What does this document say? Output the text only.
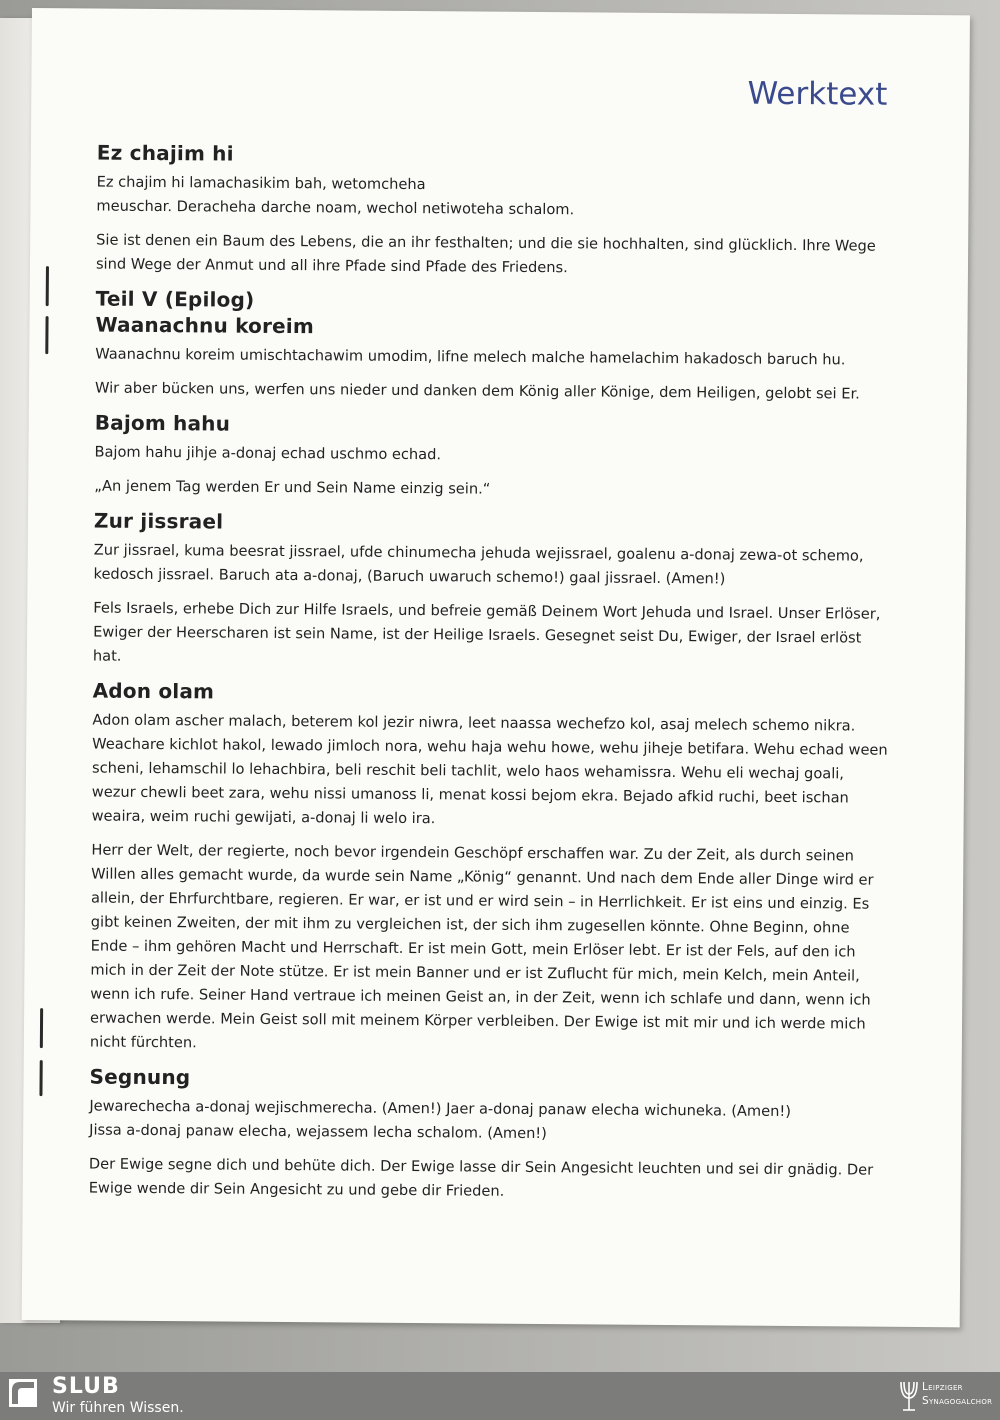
Werktext
Ez chajim hi

Ez chajim hi lamachasikim bah, wetomcheha
meuschar. Deracheha darche noam, wechol netiwoteha schalom.

Sie ist denen ein Baum des Lebens, die an ihr festhalten; und die sie hochhalten, sind glücklich. Ihre Wege sind Wege der Anmut und all ihre Pfade sind Pfade des Friedens.

Teil V (Epilog)
Waanachnu koreim

Waanachnu koreim umischtachawim umodim, lifne melech malche hamelachim hakadosch baruch hu.

Wir aber bücken uns, werfen uns nieder und danken dem König aller Könige, dem Heiligen, gelobt sei Er.

Bajom hahu

Bajom hahu jihje a-donaj echad uschmo echad.

„An jenem Tag werden Er und Sein Name einzig sein.“

Zur jissrael

Zur jissrael, kuma beesrat jissrael, ufde chinumecha jehuda wejissrael, goalenu a-donaj zewa-ot schemo, kedosch jissrael. Baruch ata a-donaj, (Baruch uwaruch schemo!) gaal jissrael. (Amen!)

Fels Israels, erhebe Dich zur Hilfe Israels, und befreie gemäß Deinem Wort Jehuda und Israel. Unser Erlöser, Ewiger der Heerscharen ist sein Name, ist der Heilige Israels. Gesegnet seist Du, Ewiger, der Israel erlöst hat.

Adon olam

Adon olam ascher malach, beterem kol jezir niwra, leet naassa wechefzo kol, asaj melech schemo nikra. Weachare kichlot hakol, lewado jimloch nora, wehu haja wehu howe, wehu jiheje betifara. Wehu echad ween scheni, lehamschil lo lehachbira, beli reschit beli tachlit, welo haos wehamissra. Wehu eli wechaj goali, wezur chewli beet zara, wehu nissi umanoss li, menat kossi bejom ekra. Bejado afkid ruchi, beet ischan weaira, weim ruchi gewijati, a-donaj li welo ira.

Herr der Welt, der regierte, noch bevor irgendein Geschöpf erschaffen war. Zu der Zeit, als durch seinen Willen alles gemacht wurde, da wurde sein Name „König“ genannt. Und nach dem Ende aller Dinge wird er allein, der Ehrfurchtbare, regieren. Er war, er ist und er wird sein – in Herrlichkeit. Er ist eins und einzig. Es gibt keinen Zweiten, der mit ihm zu vergleichen ist, der sich ihm zugesellen könnte. Ohne Beginn, ohne Ende – ihm gehören Macht und Herrschaft. Er ist mein Gott, mein Erlöser lebt. Er ist der Fels, auf den ich mich in der Zeit der Note stütze. Er ist mein Banner und er ist Zuflucht für mich, mein Kelch, mein Anteil, wenn ich rufe. Seiner Hand vertraue ich meinen Geist an, in der Zeit, wenn ich schlafe und dann, wenn ich erwachen werde. Mein Geist soll mit meinem Körper verbleiben. Der Ewige ist mit mir und ich werde mich nicht fürchten.

Segnung

Jewarechecha a-donaj wejischmerecha. (Amen!) Jaer a-donaj panaw elecha wichuneka. (Amen!)
Jissa a-donaj panaw elecha, wejassem lecha schalom. (Amen!)

Der Ewige segne dich und behüte dich. Der Ewige lasse dir Sein Angesicht leuchten und sei dir gnädig. Der Ewige wende dir Sein Angesicht zu und gebe dir Frieden.

SLUB
Wir führen Wissen.
Leipziger
Synagogalchor
